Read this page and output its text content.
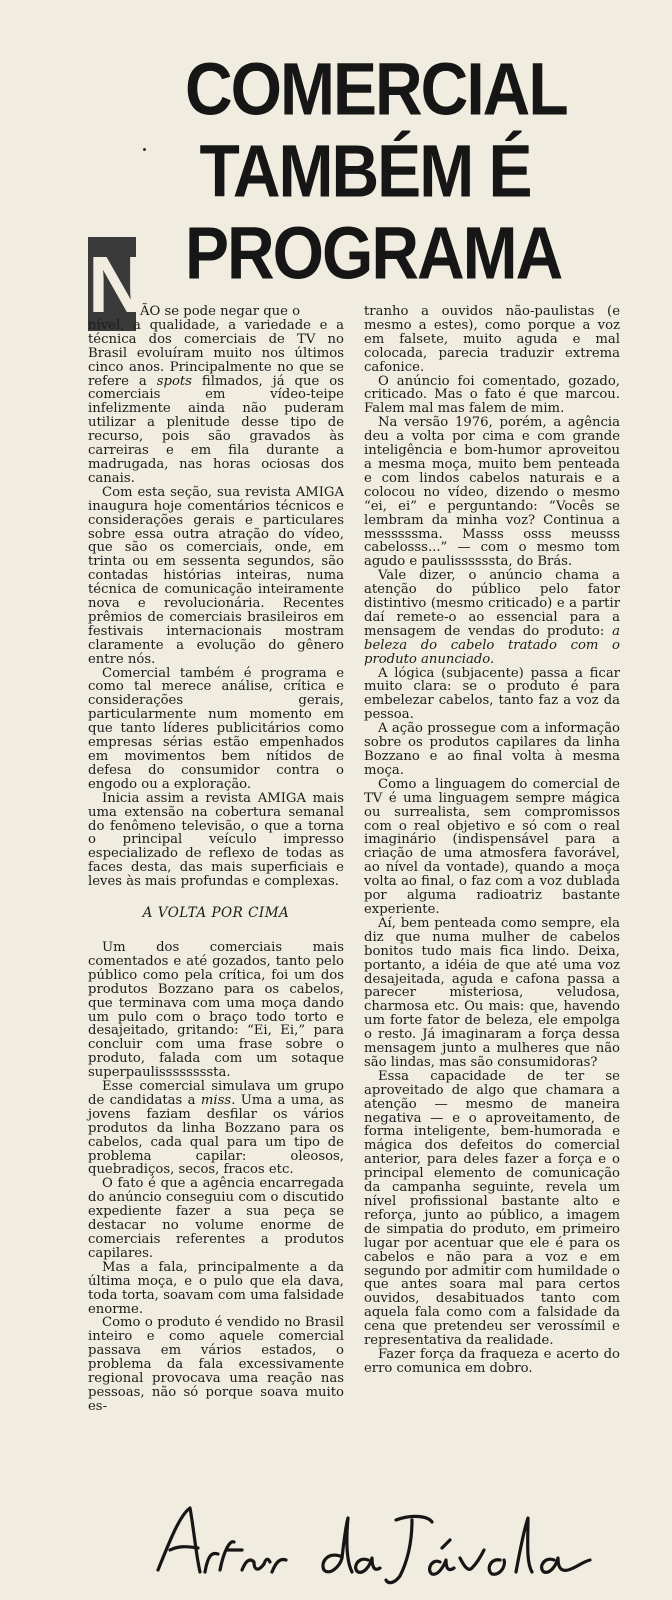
COMERCIAL
TAMBÉM É
PROGRAMA
N

ÃO se pode negar que o

nível, a qualidade, a variedade e a técnica dos comerciais de TV no Brasil evoluíram muito nos últimos cinco anos. Principalmente no que se refere a spots filmados, já que os comerciais em vídeo-teipe infelizmente ainda não puderam utilizar a plenitude desse tipo de recurso, pois são gravados às carreiras e em fila durante a madrugada, nas horas ociosas dos canais.

Com esta seção, sua revista AMIGA inaugura hoje comentários técnicos e considerações gerais e particulares sobre essa outra atração do vídeo, que são os comerciais, onde, em trinta ou em sessenta segundos, são contadas histórias inteiras, numa técnica de comunicação inteiramente nova e revolucionária. Recentes prêmios de comerciais brasileiros em festivais internacionais mostram claramente a evolução do gênero entre nós.

Comercial também é programa e como tal merece análise, crítica e considerações gerais, particularmente num momento em que tanto líderes publicitários como empresas sérias estão empenhados em movimentos bem nítidos de defesa do consumidor contra o engodo ou a exploração.

Inicia assim a revista AMIGA mais uma extensão na cobertura semanal do fenômeno televisão, o que a torna o principal veículo impresso especializado de reflexo de todas as faces desta, das mais superficiais e leves às mais profundas e complexas.

A VOLTA POR CIMA

Um dos comerciais mais comentados e até gozados, tanto pelo público como pela crítica, foi um dos produtos Bozzano para os cabelos, que terminava com uma moça dando um pulo com o braço todo torto e desajeitado, gritando: “Ei, Ei,” para concluir com uma frase sobre o produto, falada com um sotaque superpaulissssssssta.

Esse comercial simulava um grupo de candidatas a miss. Uma a uma, as jovens faziam desfilar os vários produtos da linha Bozzano para os cabelos, cada qual para um tipo de problema capilar: oleosos, quebradiços, secos, fracos etc.

O fato é que a agência encarregada do anúncio conseguiu com o discutido expediente fazer a sua peça se destacar no volume enorme de comerciais referentes a produtos capilares.

Mas a fala, principalmente a da última moça, e o pulo que ela dava, toda torta, soavam com uma falsidade enorme.

Como o produto é vendido no Brasil inteiro e como aquele comercial passava em vários estados, o problema da fala excessivamente regional provocava uma reação nas pessoas, não só porque soava muito es-

tranho a ouvidos não-paulistas (e mesmo a estes), como porque a voz em falsete, muito aguda e mal colocada, parecia traduzir extrema cafonice.

O anúncio foi comentado, gozado, criticado. Mas o fato é que marcou. Falem mal mas falem de mim.

Na versão 1976, porém, a agência deu a volta por cima e com grande inteligência e bom-humor aproveitou a mesma moça, muito bem penteada e com lindos cabelos naturais e a colocou no vídeo, dizendo o mesmo “ei, ei” e perguntando: “Vocês se lembram da minha voz? Continua a messsssma. Masss osss meusss cabelosss...” — com o mesmo tom agudo e paulissssssta, do Brás.

Vale dizer, o anúncio chama a atenção do público pelo fator distintivo (mesmo criticado) e a partir daí remete-o ao essencial para a mensagem de vendas do produto: a beleza do cabelo tratado com o produto anunciado.

A lógica (subjacente) passa a ficar muito clara: se o produto é para embelezar cabelos, tanto faz a voz da pessoa.

A ação prossegue com a informação sobre os produtos capilares da linha Bozzano e ao final volta à mesma moça.

Como a linguagem do comercial de TV é uma linguagem sempre mágica ou surrealista, sem compromissos com o real objetivo e só com o real imaginário (indispensável para a criação de uma atmosfera favorável, ao nível da vontade), quando a moça volta ao final, o faz com a voz dublada por alguma radioatriz bastante experiente.

Aí, bem penteada como sempre, ela diz que numa mulher de cabelos bonitos tudo mais fica lindo. Deixa, portanto, a idéia de que até uma voz desajeitada, aguda e cafona passa a parecer misteriosa, veludosa, charmosa etc. Ou mais: que, havendo um forte fator de beleza, ele empolga o resto. Já imaginaram a força dessa mensagem junto a mulheres que não são lindas, mas são consumidoras?

Essa capacidade de ter se aproveitado de algo que chamara a atenção — mesmo de maneira negativa — e o aproveitamento, de forma inteligente, bem-humorada e mágica dos defeitos do comercial anterior, para deles fazer a força e o principal elemento de comunicação da campanha seguinte, revela um nível profissional bastante alto e reforça, junto ao público, a imagem de simpatia do produto, em primeiro lugar por acentuar que ele é para os cabelos e não para a voz e em segundo por admitir com humildade o que antes soara mal para certos ouvidos, desabituados tanto com aquela fala como com a falsidade da cena que pretendeu ser verossímil e representativa da realidade.

Fazer força da fraqueza e acerto do erro comunica em dobro.
